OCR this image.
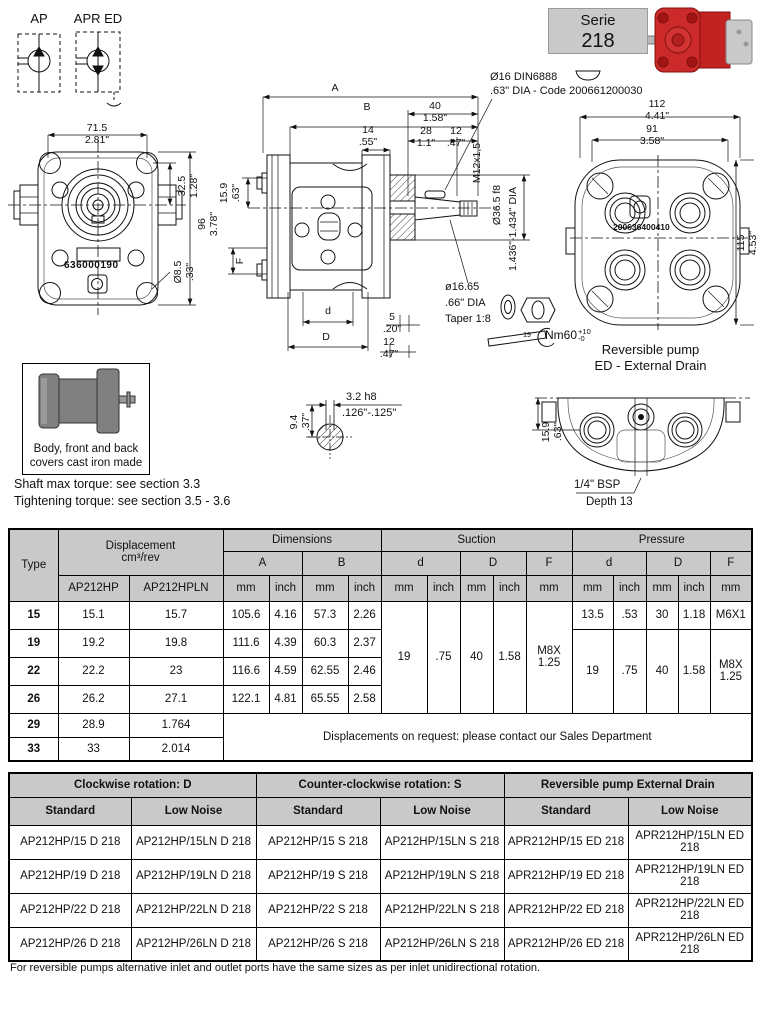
AP	APR ED	Serie
218
Ø16 DIN6888
.63" DIA - Code 200661200030
71.5
2.81"
32.5 1.28"
96 3.78"
Ø8.5 .33"
636000190
A
B	40
1.58"
14
.55"
28
1.1"
12
.47"
15.9 .63"
F
M12x1,5
Ø36.5 f8 1.436"-1.434" DIA
d
D
5
.20"
12
.47"
ø16.65
.66" DIA
Taper 1:8
19 Nm60 +10
-0
112
4.41"
91
3.58"
115 4.53"
200636400410
Reversible pump
ED - External Drain
15.9 .63"
1/4" BSP
Depth 13
3.2 h8
.126"-.125"
9.4 .37"
Body, front and back
covers cast iron made
Shaft max torque: see section 3.3
Tightening torque: see section 3.5 - 3.6
Type	Displacement
cm³/rev		Dimensions				Suction					Pressure				
			A		B		d		D		F	d		D		F
	AP212HP	AP212HPLN	mm	inch	mm	inch	mm	inch	mm	inch	mm	mm	inch	mm	inch	mm
15	15.1	15.7	105.6	4.16	57.3	2.26	19	.75	40	1.58	M8X 1.25	13.5	.53	30	1.18	M6X1
19	19.2	19.8	111.6	4.39	60.3	2.37						19	.75	40	1.58	M8X 1.25
22	22.2	23	116.6	4.59	62.55	2.46										
26	26.2	27.1	122.1	4.81	65.55	2.58										
29	28.9	1.764	Displacements on request: please contact our Sales Department													
33	33	2.014														
Clockwise rotation: D		Counter-clockwise rotation: S		Reversible pump External Drain	
Standard	Low Noise	Standard	Low Noise	Standard	Low Noise
AP212HP/15 D 218	AP212HP/15LN D 218	AP212HP/15 S 218	AP212HP/15LN S 218	APR212HP/15 ED 218	APR212HP/15LN ED 218
AP212HP/19 D 218	AP212HP/19LN D 218	AP212HP/19 S 218	AP212HP/19LN S 218	APR212HP/19 ED 218	APR212HP/19LN ED 218
AP212HP/22 D 218	AP212HP/22LN D 218	AP212HP/22 S 218	AP212HP/22LN S 218	APR212HP/22 ED 218	APR212HP/22LN ED 218
AP212HP/26 D 218	AP212HP/26LN D 218	AP212HP/26 S 218	AP212HP/26LN S 218	APR212HP/26 ED 218	APR212HP/26LN ED 218
For reversible pumps alternative inlet and outlet ports have the same sizes as per inlet unidirectional rotation.
